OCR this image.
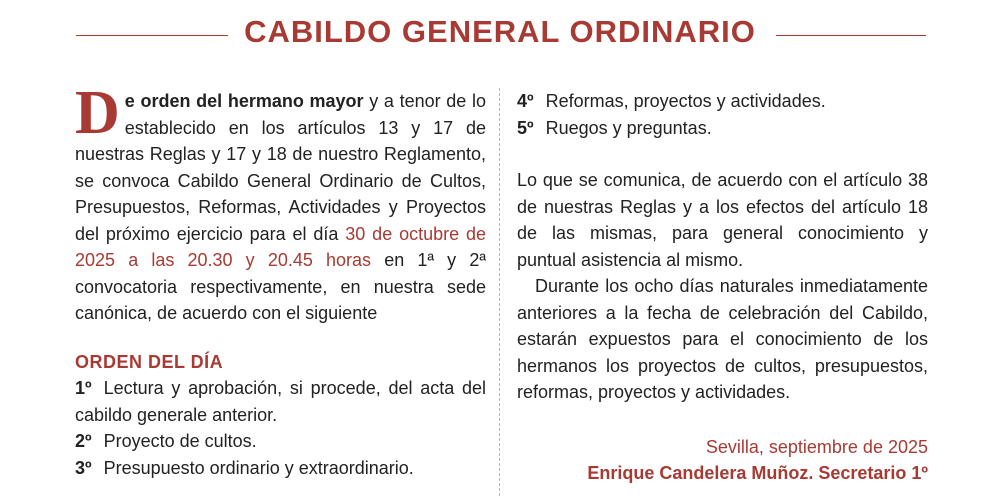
CABILDO GENERAL ORDINARIO

De orden del hermano mayor y a tenor de lo establecido en los artículos 13 y 17 de nuestras Reglas y 17 y 18 de nuestro Reglamento, se convoca Cabildo General Ordinario de Cultos, Presupuestos, Reformas, Actividades y Proyectos del próximo ejercicio para el día 30 de octubre de 2025 a las 20.30 y 20.45 horas en 1ª y 2ª convocatoria respectivamente, en nuestra sede canónica, de acuerdo con el siguiente

ORDEN DEL DÍA
1º Lectura y aprobación, si procede, del acta del cabildo generale anterior.
2º Proyecto de cultos.
3º Presupuesto ordinario y extraordinario.
4º Reformas, proyectos y actividades.
5º Ruegos y preguntas.

Lo que se comunica, de acuerdo con el artículo 38 de nuestras Reglas y a los efectos del artículo 18 de las mismas, para general conocimiento y puntual asistencia al mismo.

Durante los ocho días naturales inmediatamente anteriores a la fecha de celebración del Cabildo, estarán expuestos para el conocimiento de los hermanos los proyectos de cultos, presupuestos, reformas, proyectos y actividades.

Sevilla, septiembre de 2025
Enrique Candelera Muñoz. Secretario 1º
